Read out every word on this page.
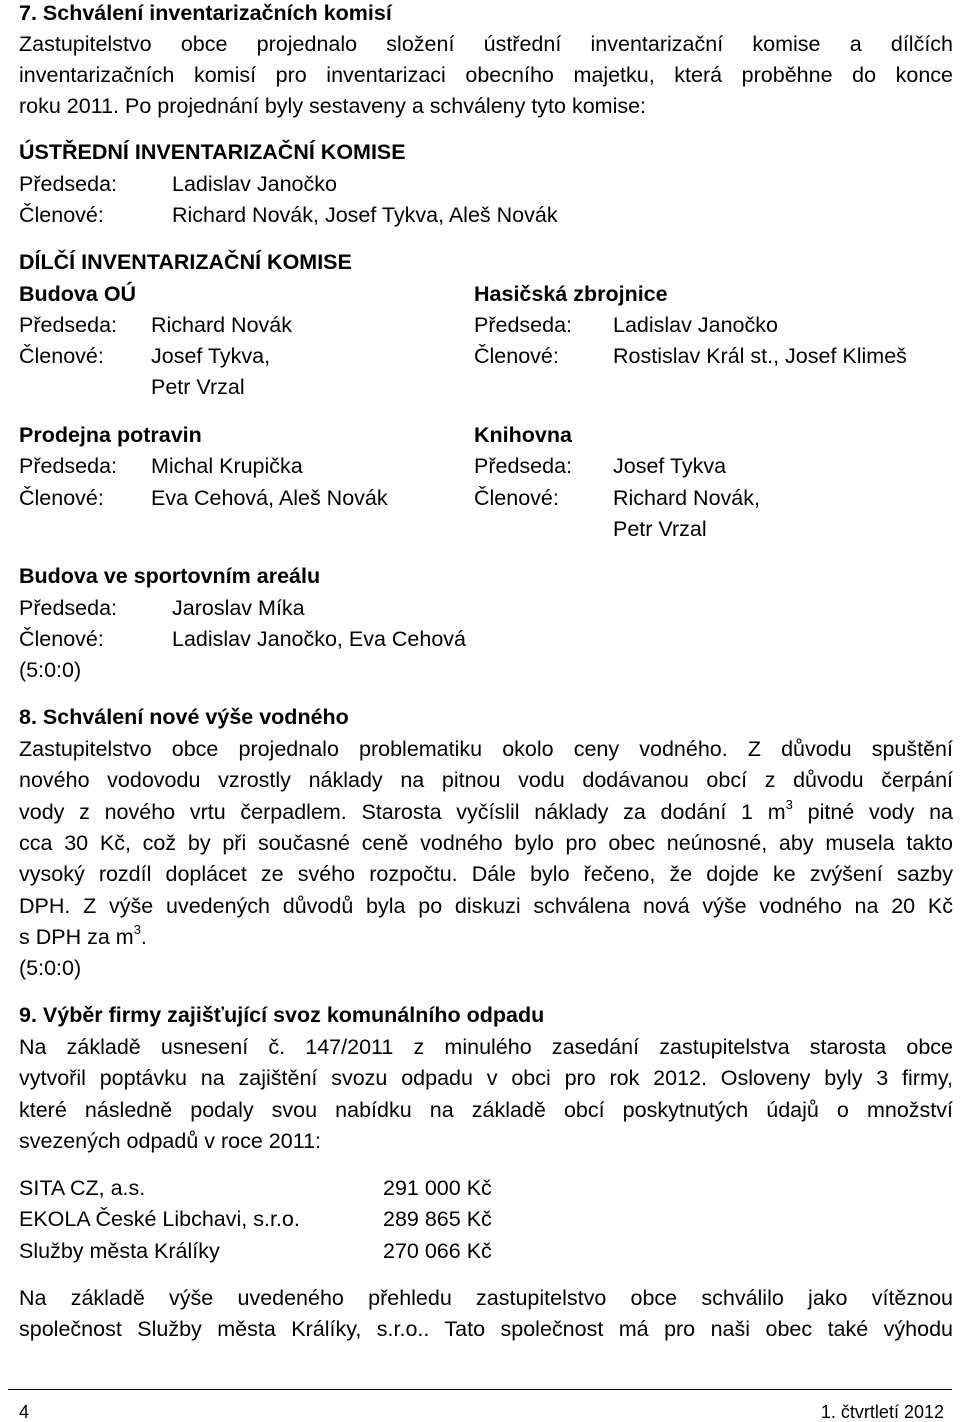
7. Schválení inventarizačních komisí
Zastupitelstvo obce projednalo složení ústřední inventarizační komise a dílčích
inventarizačních komisí pro inventarizaci obecního majetku, která proběhne do konce
roku 2011. Po projednání byly sestaveny a schváleny tyto komise:
ÚSTŘEDNÍ INVENTARIZAČNÍ KOMISE
Předseda:	Ladislav Janočko
Členové:	Richard Novák, Josef Tykva, Aleš Novák
DÍLČÍ INVENTARIZAČNÍ KOMISE
Budova OÚ
Předseda: Richard Novák
Členové: Josef Tykva,
Petr Vrzal
Hasičská zbrojnice
Předseda: Ladislav Janočko
Členové:	Rostislav Král st., Josef Klimeš
Prodejna potravin
Předseda: Michal Krupička
Členové: Eva Cehová, Aleš Novák
Knihovna
Předseda: Josef Tykva
Členové:	Richard Novák,
Petr Vrzal
Budova ve sportovním areálu
Předseda:	Jaroslav Míka
Členové:	Ladislav Janočko, Eva Cehová
(5:0:0)
8. Schválení nové výše vodného
Zastupitelstvo obce projednalo problematiku okolo ceny vodného. Z důvodu spuštění
nového vodovodu vzrostly náklady na pitnou vodu dodávanou obcí z důvodu čerpání
vody z nového vrtu čerpadlem. Starosta vyčíslil náklady za dodání 1 $m^3$ pitné vody na
cca 30 Kč, což by při současné ceně vodného bylo pro obec neúnosné, aby musela takto
vysoký rozdíl doplácet ze svého rozpočtu. Dále bylo řečeno, že dojde ke zvýšení sazby
DPH. Z výše uvedených důvodů byla po diskuzi schválena nová výše vodného na 20 Kč
s DPH za $m^3$.
(5:0:0)
9. Výběr firmy zajišťující svoz komunálního odpadu
Na základě usnesení č. 147/2011 z minulého zasedání zastupitelstva starosta obce
vytvořil poptávku na zajištění svozu odpadu v obci pro rok 2012. Osloveny byly 3 firmy,
které následně podaly svou nabídku na základě obcí poskytnutých údajů o množství
svezených odpadů v roce 2011:
SITA CZ, a.s.	291 000 Kč
EKOLA České Libchavi, s.r.o.	289 865 Kč
Služby města Králíky	270 066 Kč
Na základě výše uvedeného přehledu zastupitelstvo obce schválilo jako vítěznou
společnost Služby města Králíky, s.r.o.. Tato společnost má pro naši obec také výhodu
4	1. čtvrtletí 2012
